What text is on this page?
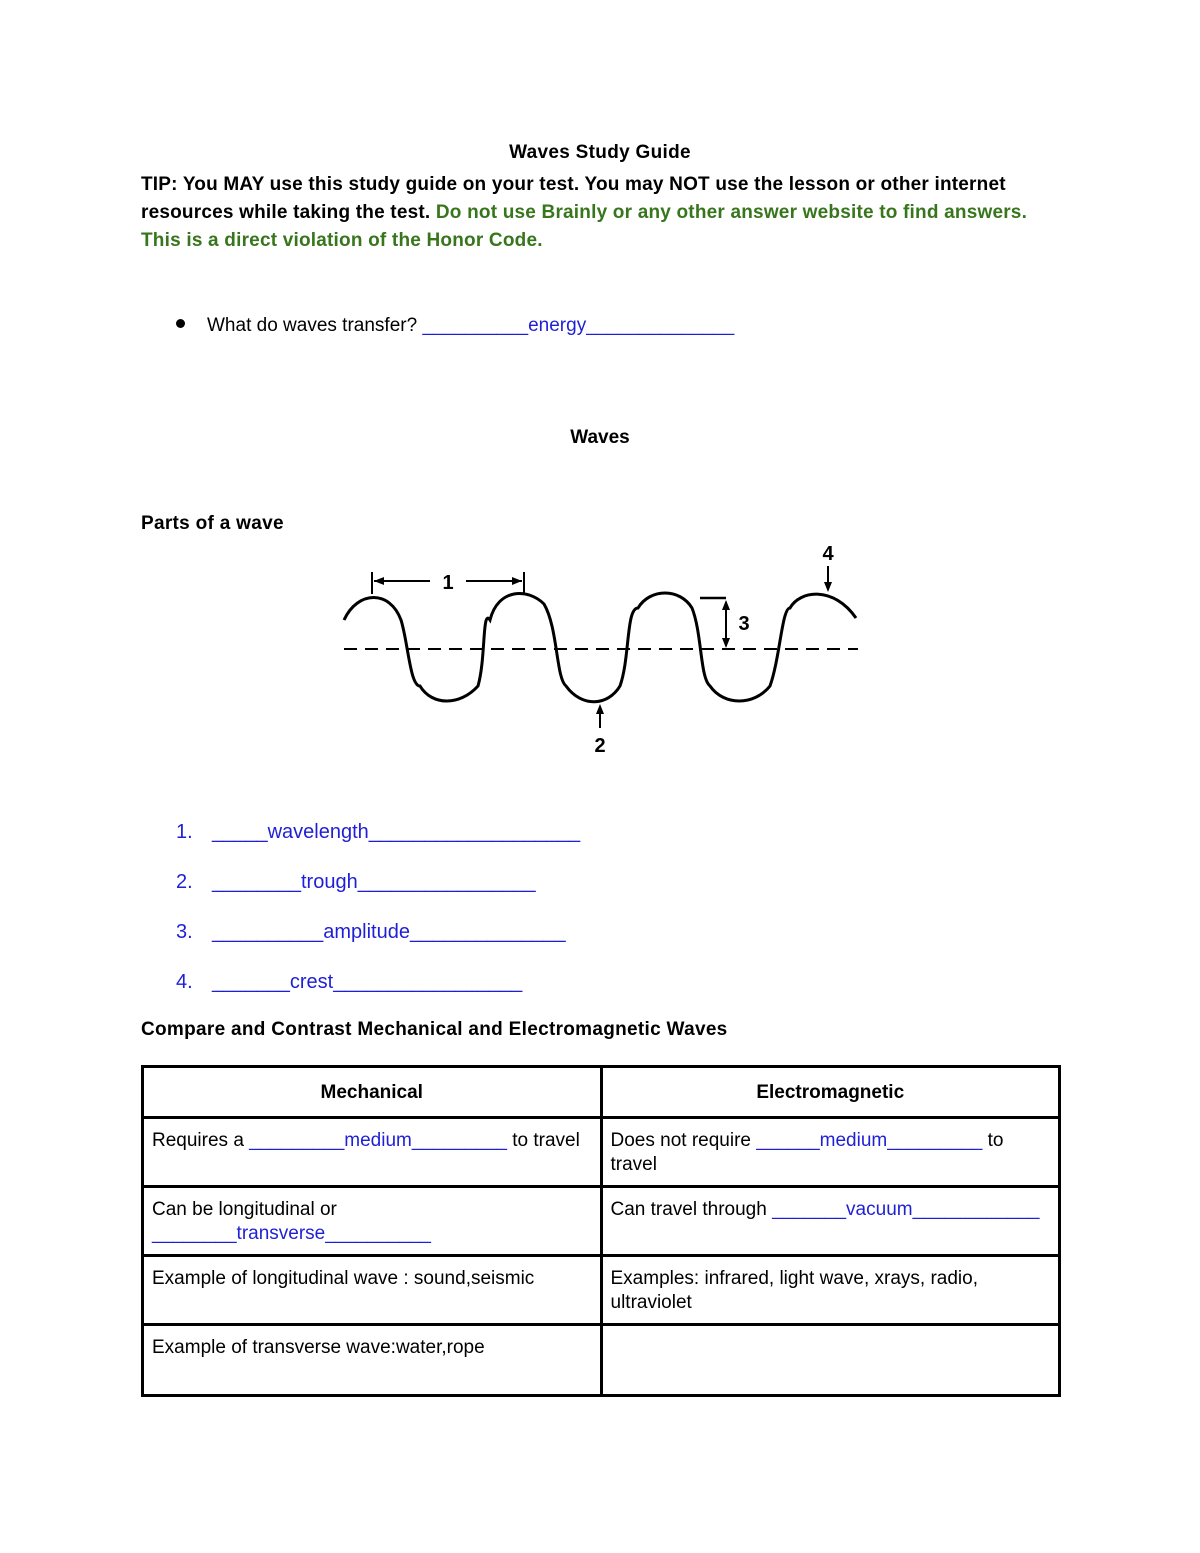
Waves Study Guide
TIP: You MAY use this study guide on your test. You may NOT use the lesson or other internet resources while taking the test. Do not use Brainly or any other answer website to find answers. This is a direct violation of the Honor Code.
What do waves transfer? __________energy______________
Waves
Parts of a wave
1
3
4
2
1. _____wavelength___________________
2. ________trough________________
3. __________amplitude______________
4. _______crest_________________
Compare and Contrast Mechanical and Electromagnetic Waves
Mechanical	Electromagnetic
Requires a _________medium_________ to travel	Does not require ______medium_________ to travel
Can be longitudinal or ________transverse__________	Can travel through _______vacuum____________
Example of longitudinal wave : sound,seismic	Examples: infrared, light wave, xrays, radio, ultraviolet
Example of transverse wave:water,rope	
